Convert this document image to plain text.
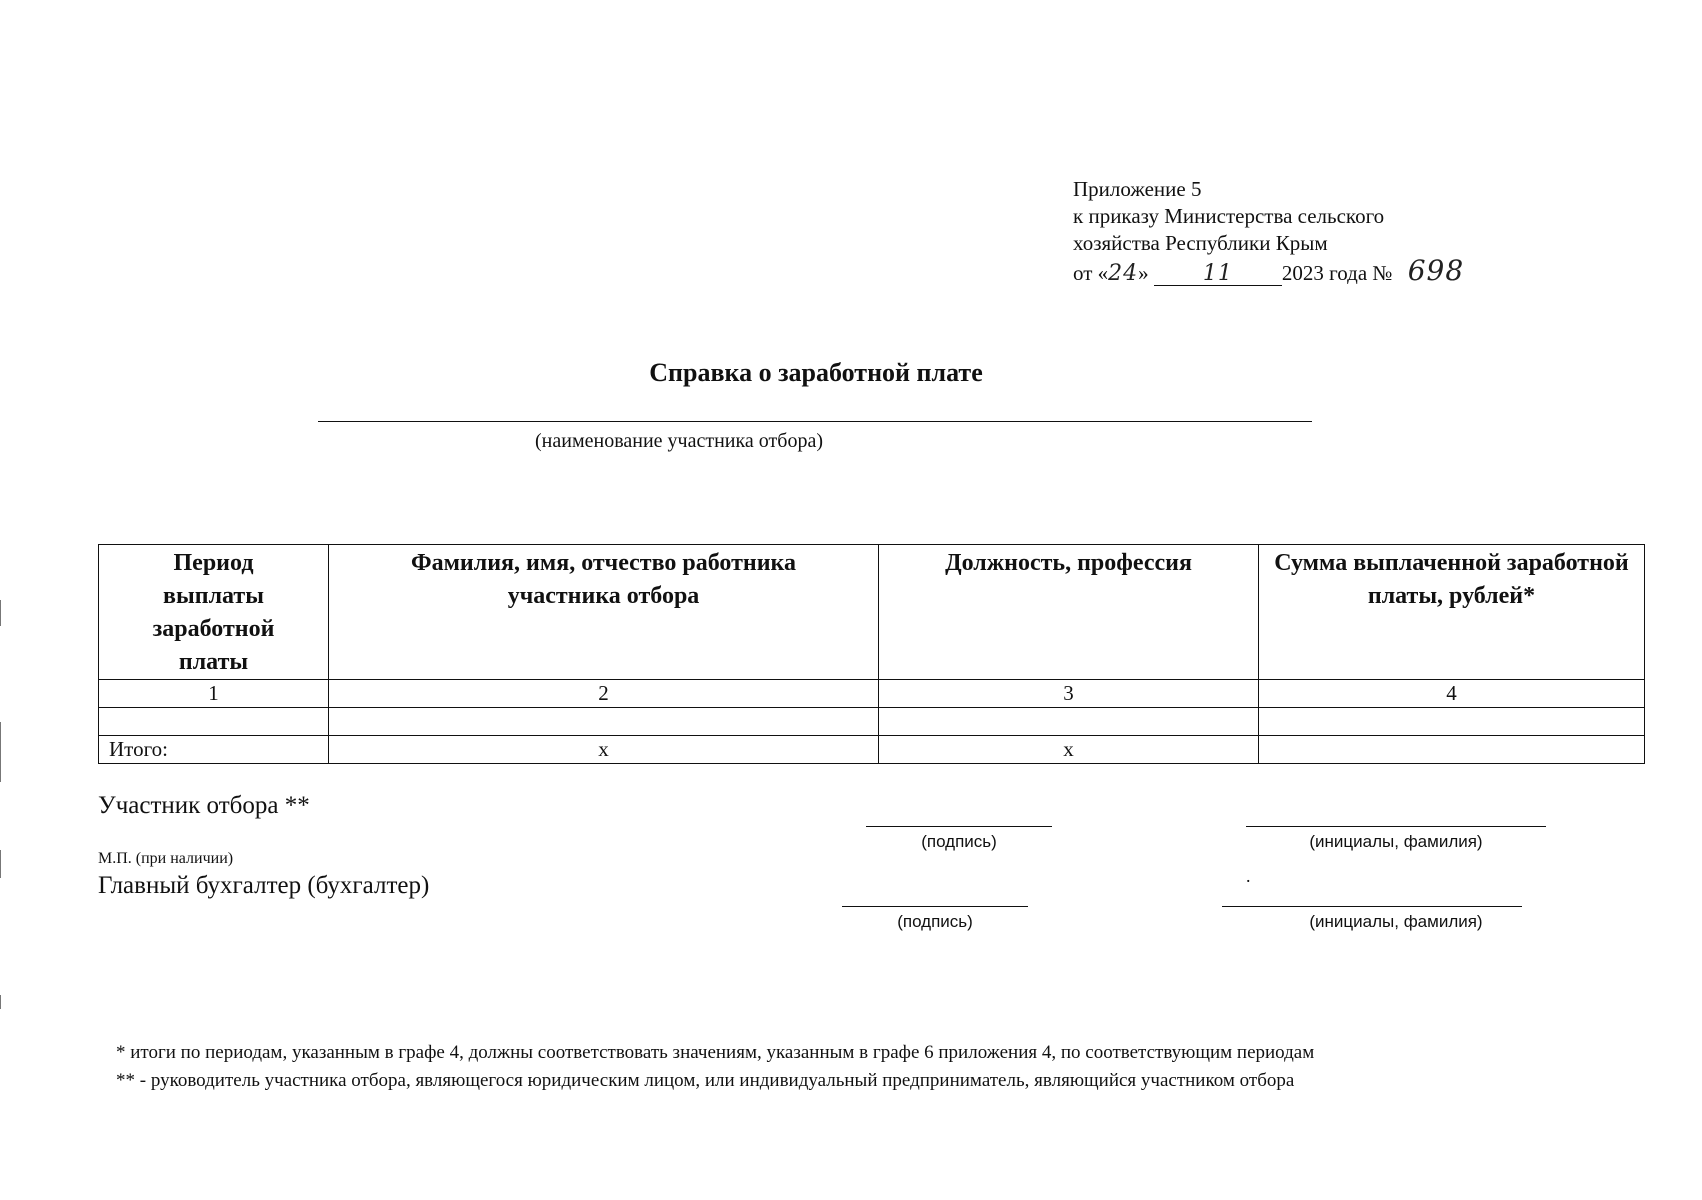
Приложение 5
к приказу Министерства сельского
хозяйства Республики Крым
от «24» 11 2023 года № 698
Справка о заработной плате
(наименование участника отбора)
Период выплаты заработной платы	Фамилия, имя, отчество работника участника отбора	Должность, профессия	Сумма выплаченной заработной платы, рублей*
1	2	3	4

Итого:	х	х	
Участник отбора **
(подпись)	(инициалы, фамилия)
М.П. (при наличии)
Главный бухгалтер (бухгалтер)	.
(подпись)	(инициалы, фамилия)
* итоги по периодам, указанным в графе 4, должны соответствовать значениям, указанным в графе 6 приложения 4, по соответствующим периодам
** - руководитель участника отбора, являющегося юридическим лицом, или индивидуальный предприниматель, являющийся участником отбора
